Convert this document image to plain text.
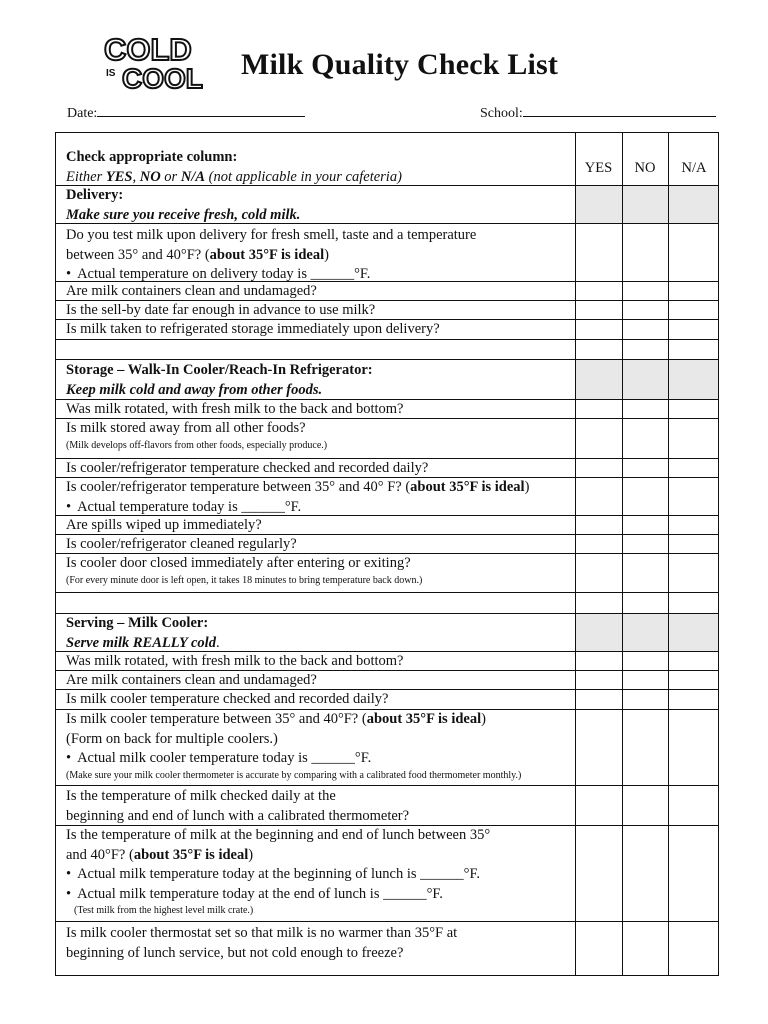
COLD
IS COOL Milk Quality Check List
Date:	School:
YES	NO	N/A
Check appropriate column:
Either YES, NO or N/A (not applicable in your cafeteria)
Delivery:
Make sure you receive fresh, cold milk.
Do you test milk upon delivery for fresh smell, taste and a temperature
between 35° and 40°F? (about 35°F is ideal)
• Actual temperature on delivery today is ______°F.
Are milk containers clean and undamaged?
Is the sell-by date far enough in advance to use milk?
Is milk taken to refrigerated storage immediately upon delivery?
Storage – Walk-In Cooler/Reach-In Refrigerator:
Keep milk cold and away from other foods.
Was milk rotated, with fresh milk to the back and bottom?
Is milk stored away from all other foods?
(Milk develops off-flavors from other foods, especially produce.)
Is cooler/refrigerator temperature checked and recorded daily?
Is cooler/refrigerator temperature between 35° and 40° F? (about 35°F is ideal)
• Actual temperature today is ______°F.
Are spills wiped up immediately?
Is cooler/refrigerator cleaned regularly?
Is cooler door closed immediately after entering or exiting?
(For every minute door is left open, it takes 18 minutes to bring temperature back down.)
Serving – Milk Cooler:
Serve milk REALLY cold.
Was milk rotated, with fresh milk to the back and bottom?
Are milk containers clean and undamaged?
Is milk cooler temperature checked and recorded daily?
Is milk cooler temperature between 35° and 40°F? (about 35°F is ideal)
(Form on back for multiple coolers.)
• Actual milk cooler temperature today is ______°F.
(Make sure your milk cooler thermometer is accurate by comparing with a calibrated food thermometer monthly.)
Is the temperature of milk checked daily at the
beginning and end of lunch with a calibrated thermometer?
Is the temperature of milk at the beginning and end of lunch between 35°
and 40°F? (about 35°F is ideal)
• Actual milk temperature today at the beginning of lunch is ______°F.
• Actual milk temperature today at the end of lunch is ______°F.
(Test milk from the highest level milk crate.)
Is milk cooler thermostat set so that milk is no warmer than 35°F at
beginning of lunch service, but not cold enough to freeze?
